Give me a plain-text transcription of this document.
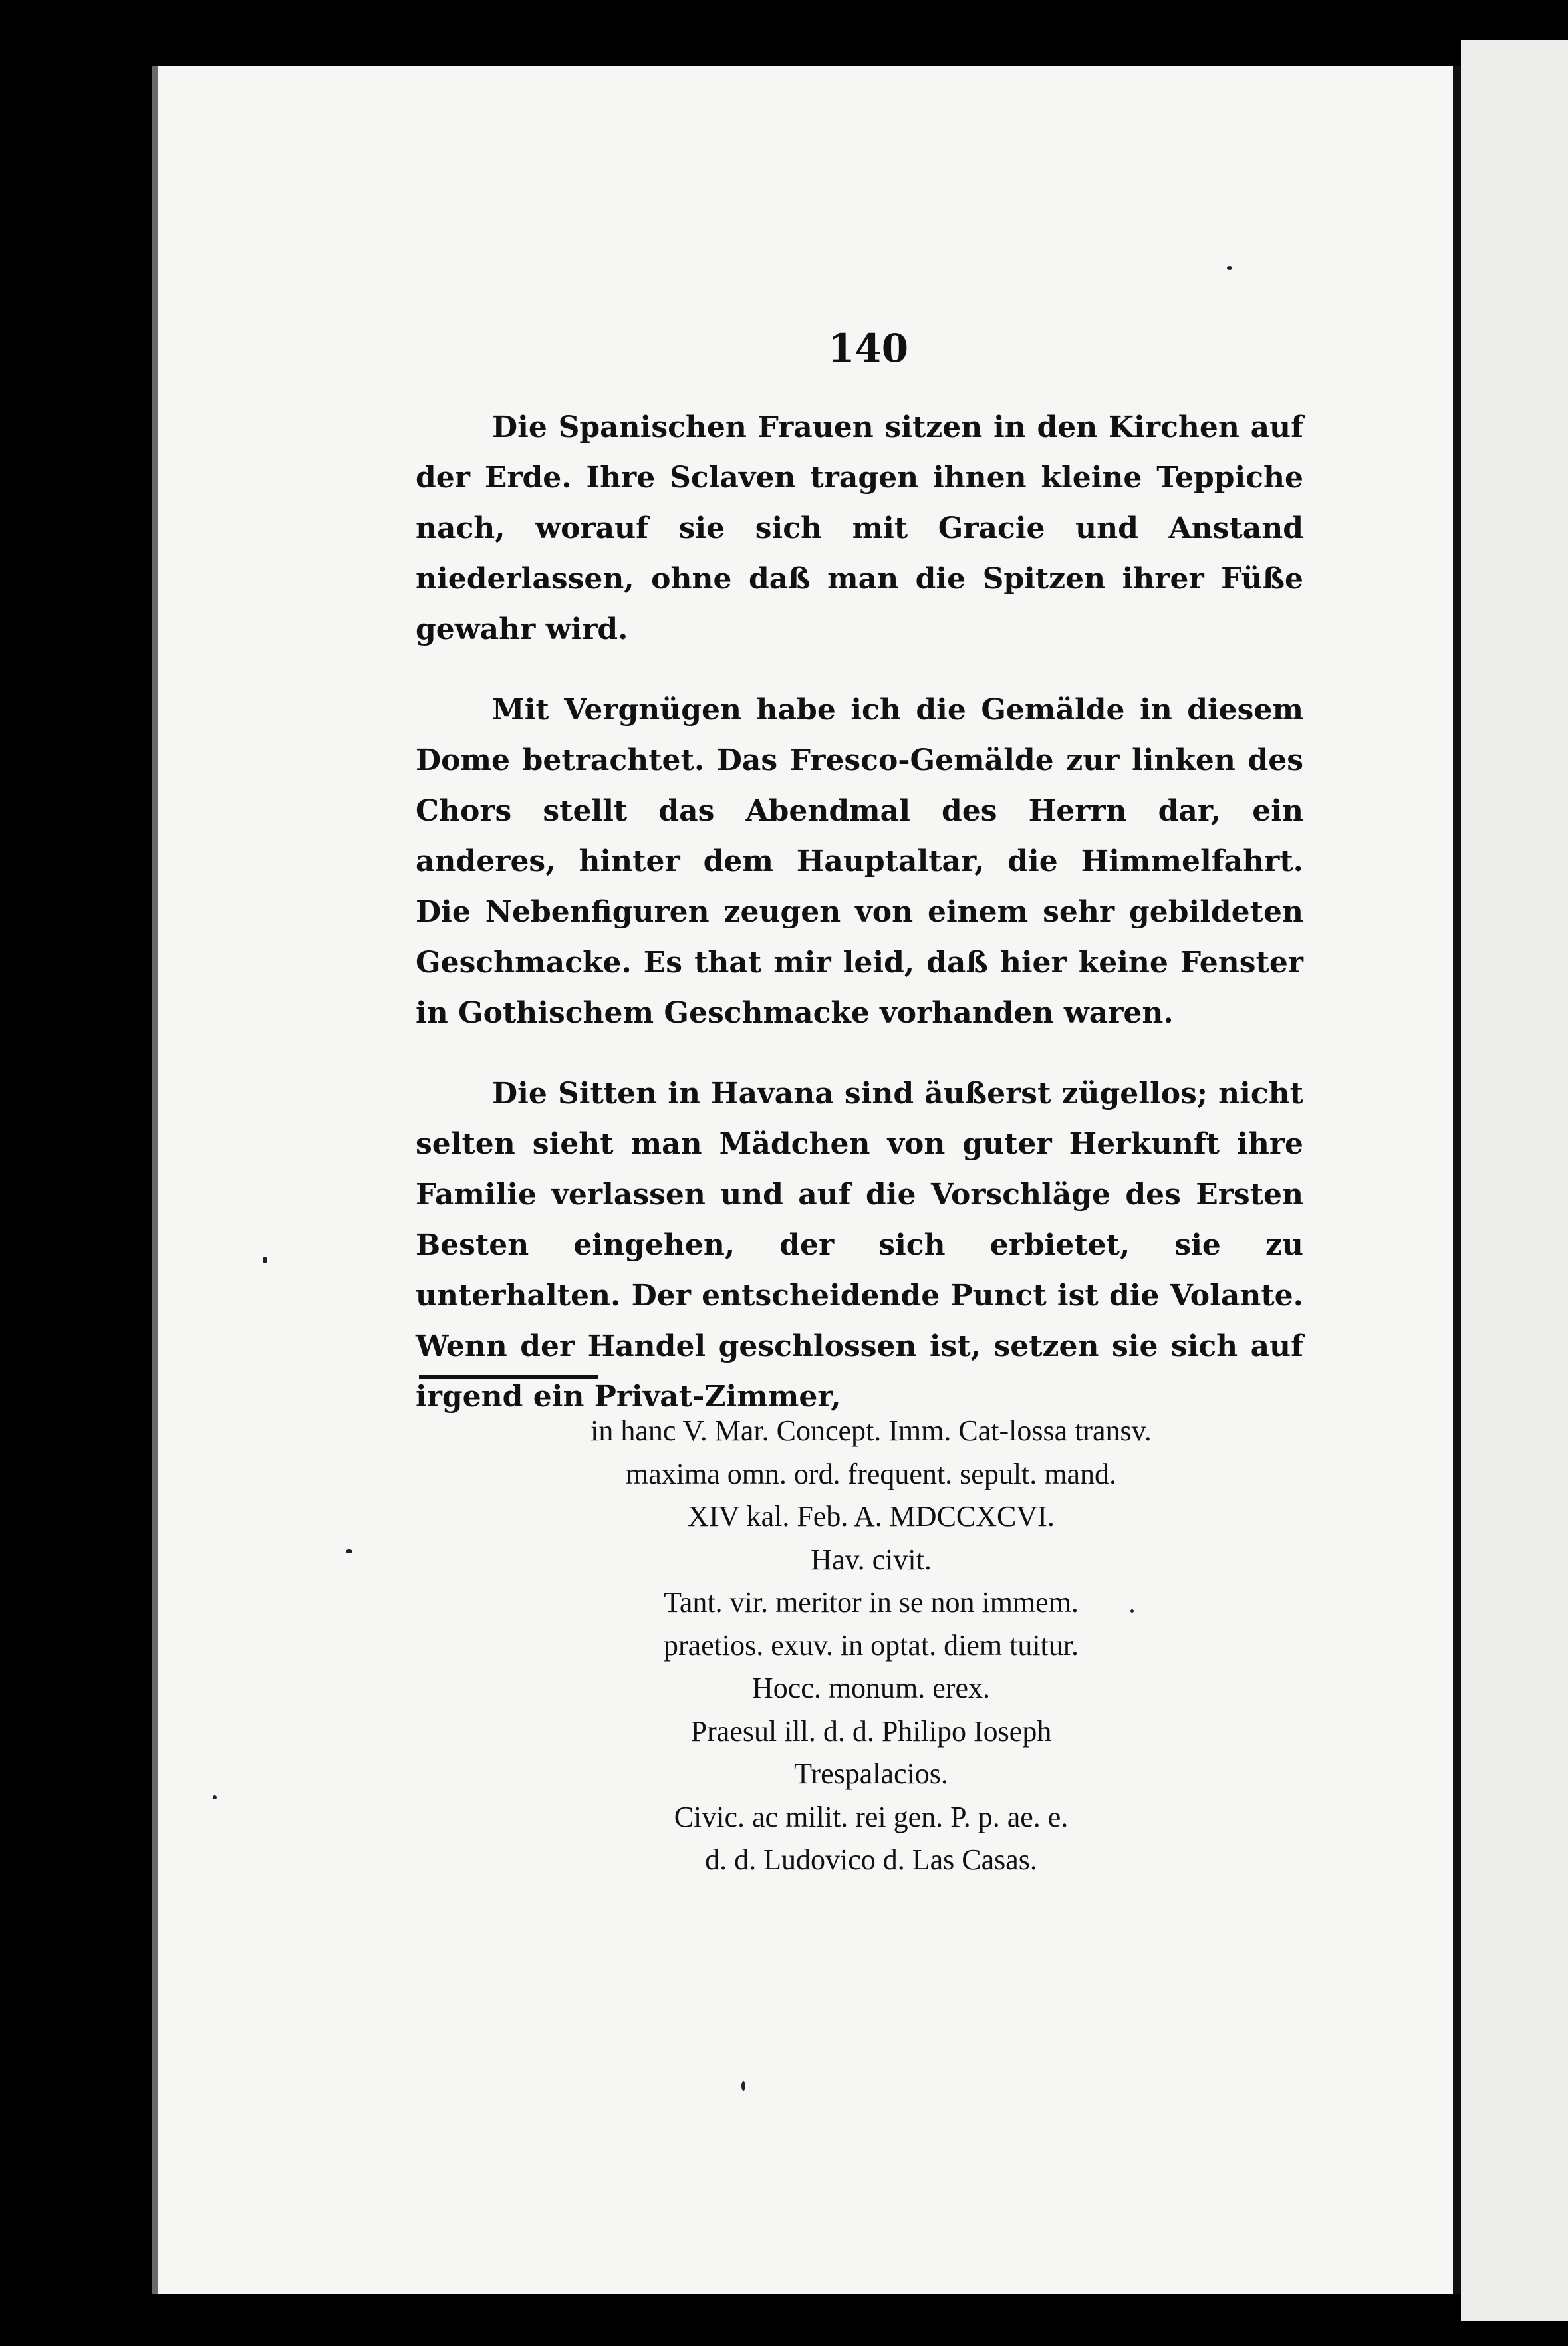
140

Die Spanischen Frauen sitzen in den Kirchen auf der Erde. Ihre Sclaven tragen ihnen kleine Teppiche nach, worauf sie sich mit Gracie und Anstand niederlassen, ohne daß man die Spitzen ihrer Füße gewahr wird.

Mit Vergnügen habe ich die Gemälde in diesem Dome betrachtet. Das Fresco-Gemälde zur linken des Chors stellt das Abendmal des Herrn dar, ein anderes, hinter dem Hauptaltar, die Himmelfahrt. Die Nebenfiguren zeugen von einem sehr gebildeten Geschmacke. Es that mir leid, daß hier keine Fenster in Gothischem Geschmacke vorhanden waren.

Die Sitten in Havana sind äußerst zügellos; nicht selten sieht man Mädchen von guter Herkunft ihre Familie verlassen und auf die Vorschläge des Ersten Besten eingehen, der sich erbietet, sie zu unterhalten. Der entscheidende Punct ist die Volante. Wenn der Handel geschlossen ist, setzen sie sich auf irgend ein Privat-Zimmer,

in hanc V. Mar. Concept. Imm. Cat-lossa transv.
maxima omn. ord. frequent. sepult. mand.
XIV kal. Feb. A. MDCCXCVI.
Hav. civit.
Tant. vir. meritor in se non immem.
praetios. exuv. in optat. diem tuitur.
Hocc. monum. erex.
Praesul ill. d. d. Philipo Ioseph
Trespalacios.
Civic. ac milit. rei gen. P. p. ae. e.
d. d. Ludovico d. Las Casas.
